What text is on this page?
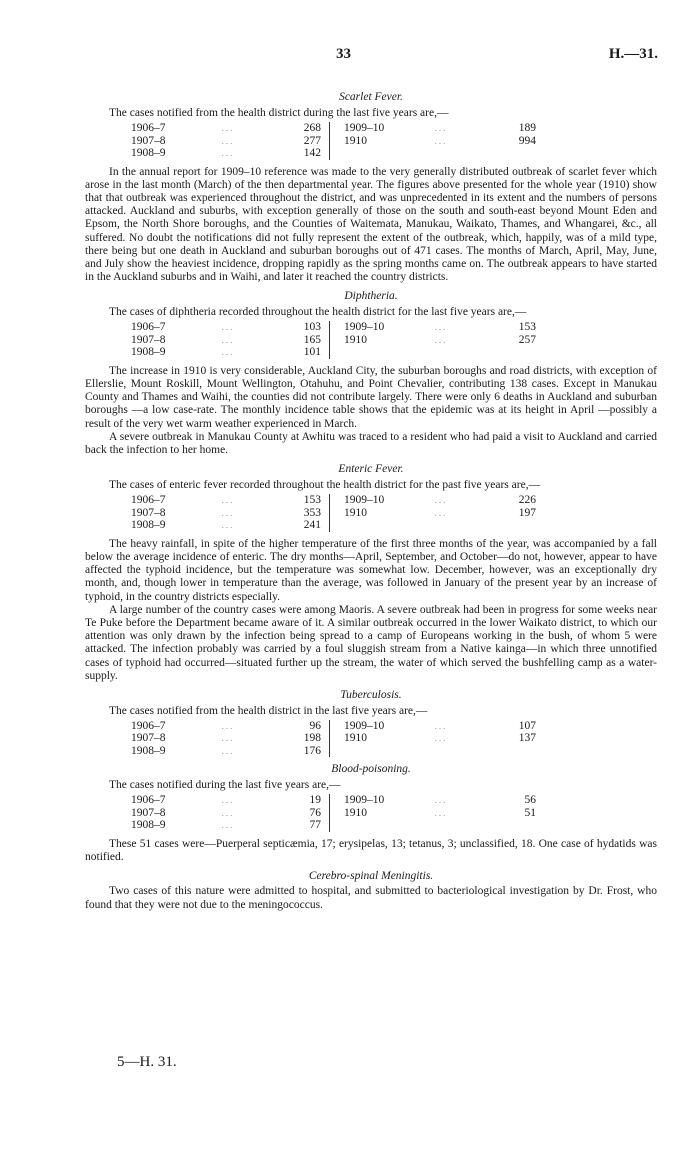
33	H.—31.
Scarlet Fever.

The cases notified from the health district during the last five years are,—

1906–7	...	268		1909–10	...	189
1907–8	...	277		1910	...	994
1908–9	...	142				

In the annual report for 1909–10 reference was made to the very generally distributed outbreak of scarlet fever which arose in the last month (March) of the then departmental year. The figures above presented for the whole year (1910) show that that outbreak was experienced throughout the district, and was unprecedented in its extent and the numbers of persons attacked. Auckland and suburbs, with exception generally of those on the south and south-east beyond Mount Eden and Epsom, the North Shore boroughs, and the Counties of Waitemata, Manukau, Waikato, Thames, and Whangarei, &c., all suffered. No doubt the notifications did not fully represent the extent of the outbreak, which, happily, was of a mild type, there being but one death in Auckland and suburban boroughs out of 471 cases. The months of March, April, May, June, and July show the heaviest incidence, dropping rapidly as the spring months came on. The outbreak appears to have started in the Auckland suburbs and in Waihi, and later it reached the country districts.

Diphtheria.

The cases of diphtheria recorded throughout the health district for the last five years are,—

1906–7	...	103		1909–10	...	153
1907–8	...	165		1910	...	257
1908–9	...	101				

The increase in 1910 is very considerable, Auckland City, the suburban boroughs and road districts, with exception of Ellerslie, Mount Roskill, Mount Wellington, Otahuhu, and Point Chevalier, contributing 138 cases. Except in Manukau County and Thames and Waihi, the counties did not contribute largely. There were only 6 deaths in Auckland and suburban boroughs —a low case-rate. The monthly incidence table shows that the epidemic was at its height in April —possibly a result of the very wet warm weather experienced in March.

A severe outbreak in Manukau County at Awhitu was traced to a resident who had paid a visit to Auckland and carried back the infection to her home.

Enteric Fever.

The cases of enteric fever recorded throughout the health district for the past five years are,—

1906–7	...	153		1909–10	...	226
1907–8	...	353		1910	...	197
1908–9	...	241				

The heavy rainfall, in spite of the higher temperature of the first three months of the year, was accompanied by a fall below the average incidence of enteric. The dry months—April, September, and October—do not, however, appear to have affected the typhoid incidence, but the temperature was somewhat low. December, however, was an exceptionally dry month, and, though lower in temperature than the average, was followed in January of the present year by an increase of typhoid, in the country districts especially.

A large number of the country cases were among Maoris. A severe outbreak had been in progress for some weeks near Te Puke before the Department became aware of it. A similar outbreak occurred in the lower Waikato district, to which our attention was only drawn by the infection being spread to a camp of Europeans working in the bush, of whom 5 were attacked. The infection probably was carried by a foul sluggish stream from a Native kainga—in which three unnotified cases of typhoid had occurred—situated further up the stream, the water of which served the bushfelling camp as a water-supply.

Tuberculosis.

The cases notified from the health district in the last five years are,—

1906–7	...	96		1909–10	...	107
1907–8	...	198		1910	...	137
1908–9	...	176				
Blood-poisoning.

The cases notified during the last five years are,—

1906–7	...	19		1909–10	...	56
1907–8	...	76		1910	...	51
1908–9	...	77				

These 51 cases were—Puerperal septicæmia, 17; erysipelas, 13; tetanus, 3; unclassified, 18. One case of hydatids was notified.

Cerebro-spinal Meningitis.

Two cases of this nature were admitted to hospital, and submitted to bacteriological investigation by Dr. Frost, who found that they were not due to the meningococcus.

5—H. 31.
